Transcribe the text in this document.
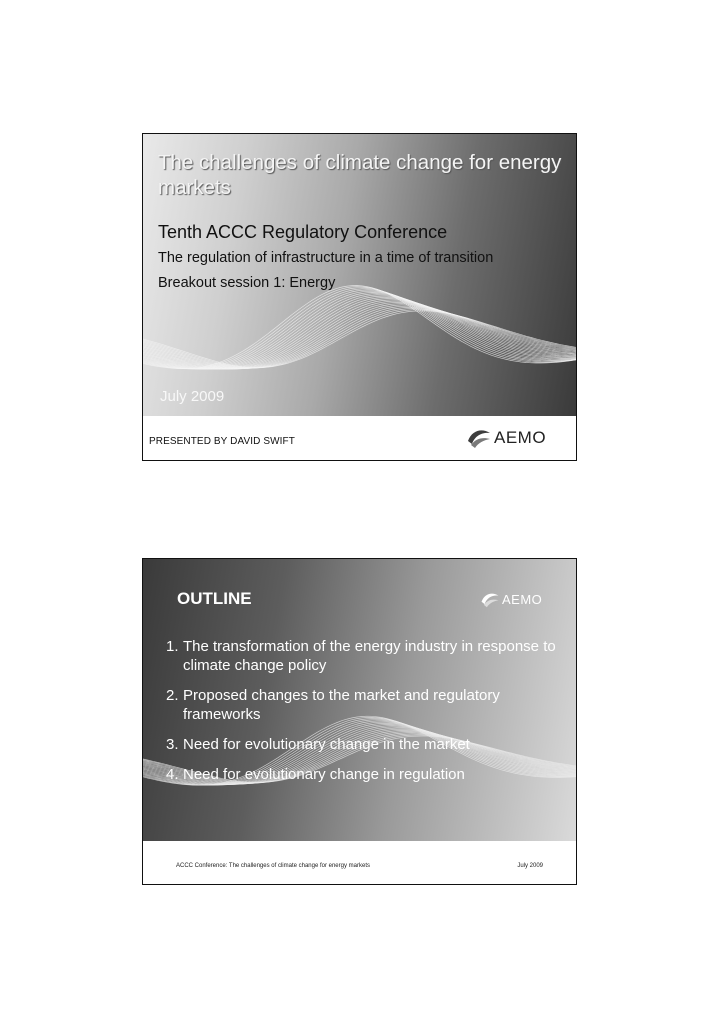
The challenges of climate change for energy markets
Tenth ACCC Regulatory Conference
The regulation of infrastructure in a time of transition
Breakout session 1: Energy
July 2009
PRESENTED BY DAVID SWIFT	AEMO
OUTLINE	AEMO
1. The transformation of the energy industry in response to climate change policy
2. Proposed changes to the market and regulatory frameworks
3. Need for evolutionary change in the market
4. Need for evolutionary change in regulation
ACCC Conference: The challenges of climate change for energy markets	July 2009
